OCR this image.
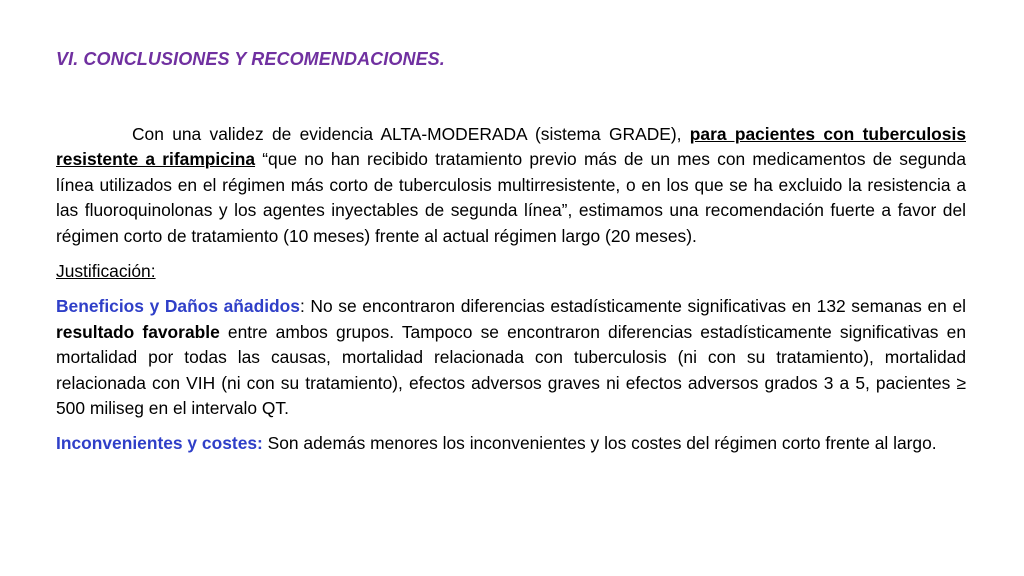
VI. CONCLUSIONES Y RECOMENDACIONES.

Con una validez de evidencia ALTA-MODERADA (sistema GRADE), para pacientes con tuberculosis resistente a rifampicina “que no han recibido tratamiento previo más de un mes con medicamentos de segunda línea utilizados en el régimen más corto de tuberculosis multirresistente, o en los que se ha excluido la resistencia a las fluoroquinolonas y los agentes inyectables de segunda línea”, estimamos una recomendación fuerte a favor del régimen corto de tratamiento (10 meses) frente al actual régimen largo (20 meses).

Justificación:

Beneficios y Daños añadidos: No se encontraron diferencias estadísticamente significativas en 132 semanas en el resultado favorable entre ambos grupos. Tampoco se encontraron diferencias estadísticamente significativas en mortalidad por todas las causas, mortalidad relacionada con tuberculosis (ni con su tratamiento), mortalidad relacionada con VIH (ni con su tratamiento), efectos adversos graves ni efectos adversos grados 3 a 5, pacientes ≥ 500 miliseg en el intervalo QT.

Inconvenientes y costes: Son además menores los inconvenientes y los costes del régimen corto frente al largo.
